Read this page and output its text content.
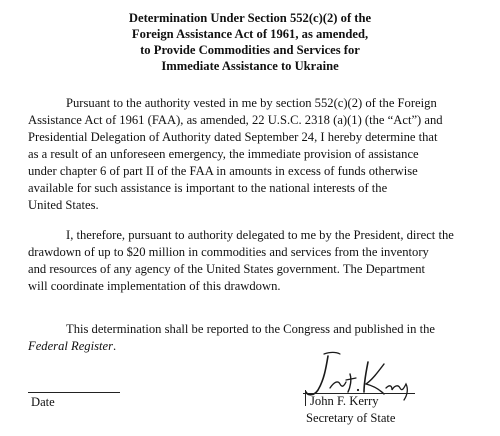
Determination Under Section 552(c)(2) of the
Foreign Assistance Act of 1961, as amended,
to Provide Commodities and Services for
Immediate Assistance to Ukraine
Pursuant to the authority vested in me by section 552(c)(2) of the Foreign
Assistance Act of 1961 (FAA), as amended, 22 U.S.C. 2318 (a)(1) (the “Act”) and
Presidential Delegation of Authority dated September 24, I hereby determine that
as a result of an unforeseen emergency, the immediate provision of assistance
under chapter 6 of part II of the FAA in amounts in excess of funds otherwise
available for such assistance is important to the national interests of the
United States.
I, therefore, pursuant to authority delegated to me by the President, direct the
drawdown of up to $20 million in commodities and services from the inventory
and resources of any agency of the United States government. The Department
will coordinate implementation of this drawdown.
This determination shall be reported to the Congress and published in the
Federal Register.
Date	John F. Kerry
Secretary of State
